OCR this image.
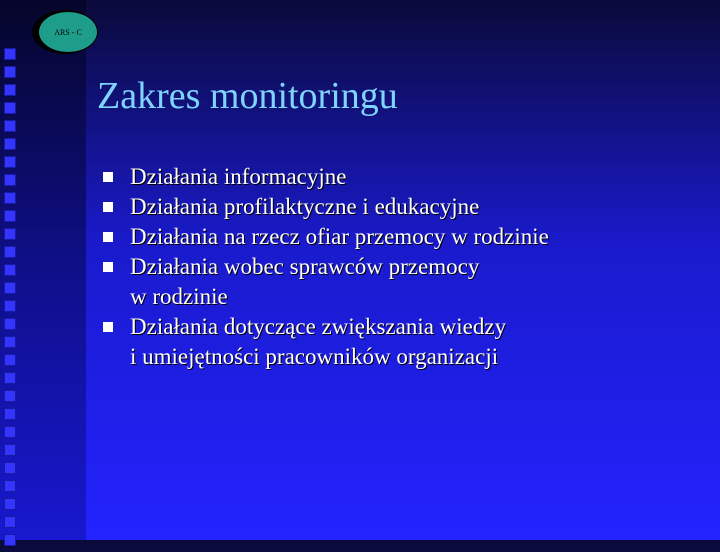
ARS - C
Zakres monitoringu
Działania informacyjne
Działania profilaktyczne i edukacyjne
Działania na rzecz ofiar przemocy w rodzinie
Działania wobec sprawców przemocy
w rodzinie
Działania dotyczące zwiększania wiedzy
i umiejętności pracowników organizacji
